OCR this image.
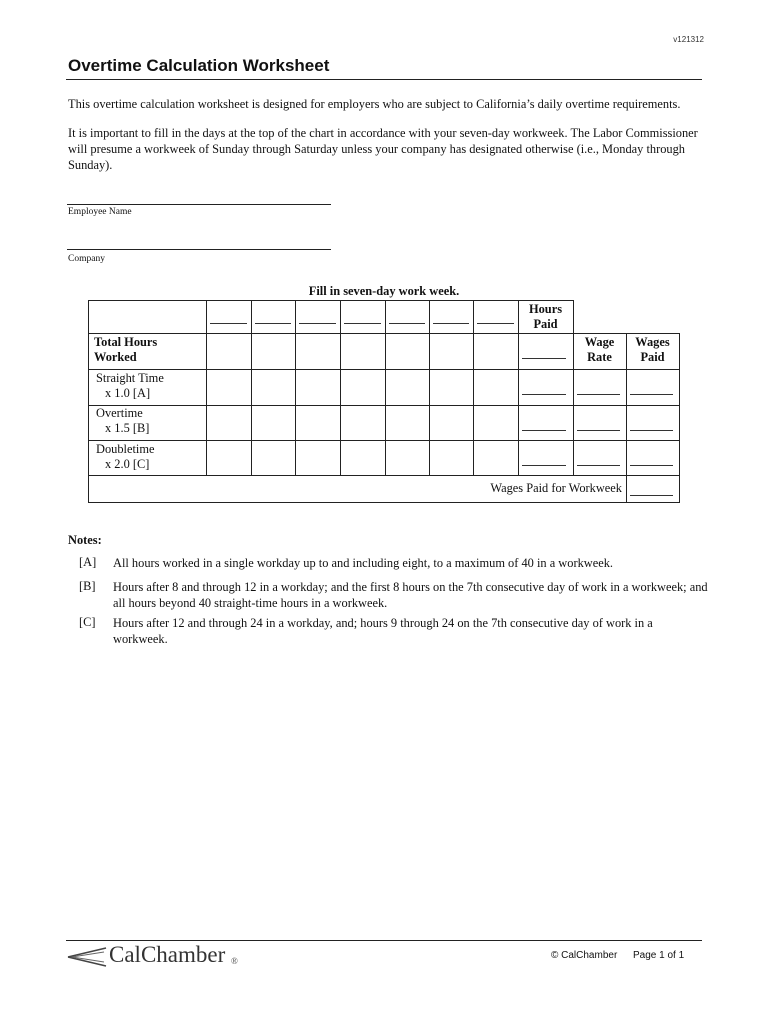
v121312
Overtime Calculation Worksheet
This overtime calculation worksheet is designed for employers who are subject to California’s daily overtime requirements.
It is important to fill in the days at the top of the chart in accordance with your seven-day workweek. The Labor Commissioner will presume a workweek of Sunday through Saturday unless your company has designated otherwise (i.e., Monday through Sunday).
Employee Name
Company
Fill in seven-day work week.
Hours
Paid
Wage
Rate
Wages
Paid
Total Hours
Worked
Straight Time
x 1.0 [A]
Overtime
x 1.5 [B]
Doubletime
x 2.0 [C]
Wages Paid for Workweek
Notes:
[A] All hours worked in a single workday up to and including eight, to a maximum of 40 in a workweek.
[B] Hours after 8 and through 12 in a workday; and the first 8 hours on the 7th consecutive day of work in a workweek; and all hours beyond 40 straight-time hours in a workweek.
[C] Hours after 12 and through 24 in a workday, and; hours 9 through 24 on the 7th consecutive day of work in a workweek.
CalChamber ®	© CalChamber Page 1 of 1
